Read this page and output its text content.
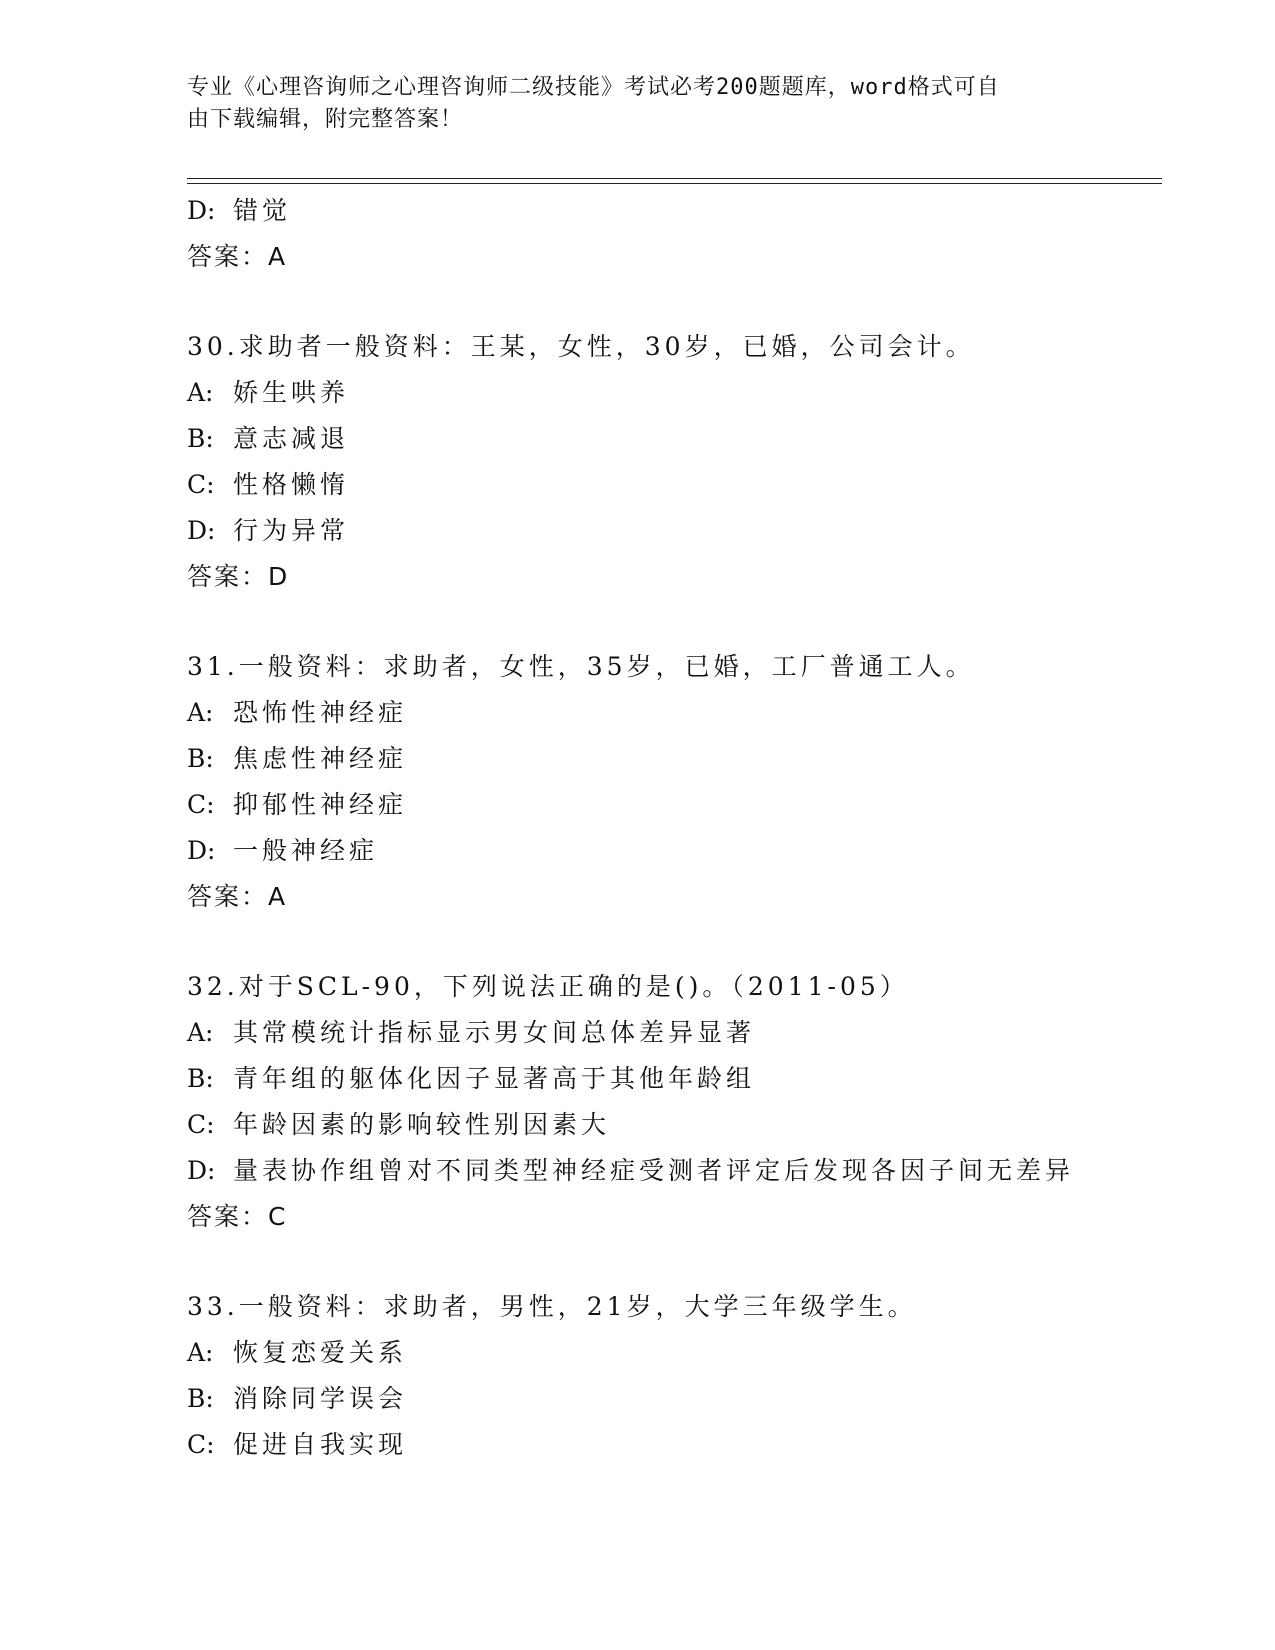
专业《心理咨询师之心理咨询师二级技能》考试必考200题题库，word格式可自
由下载编辑，附完整答案！
D: 错觉
答案：A
30.求助者一般资料：王某，女性，30岁，已婚，公司会计。
A: 娇生哄养
B: 意志减退
C: 性格懒惰
D: 行为异常
答案：D
31.一般资料：求助者，女性，35岁，已婚，工厂普通工人。
A: 恐怖性神经症
B: 焦虑性神经症
C: 抑郁性神经症
D: 一般神经症
答案：A
32.对于SCL-90，下列说法正确的是()。（2011-05）
A: 其常模统计指标显示男女间总体差异显著
B: 青年组的躯体化因子显著高于其他年龄组
C: 年龄因素的影响较性别因素大
D: 量表协作组曾对不同类型神经症受测者评定后发现各因子间无差异
答案：C
33.一般资料：求助者，男性，21岁，大学三年级学生。
A: 恢复恋爱关系
B: 消除同学误会
C: 促进自我实现
